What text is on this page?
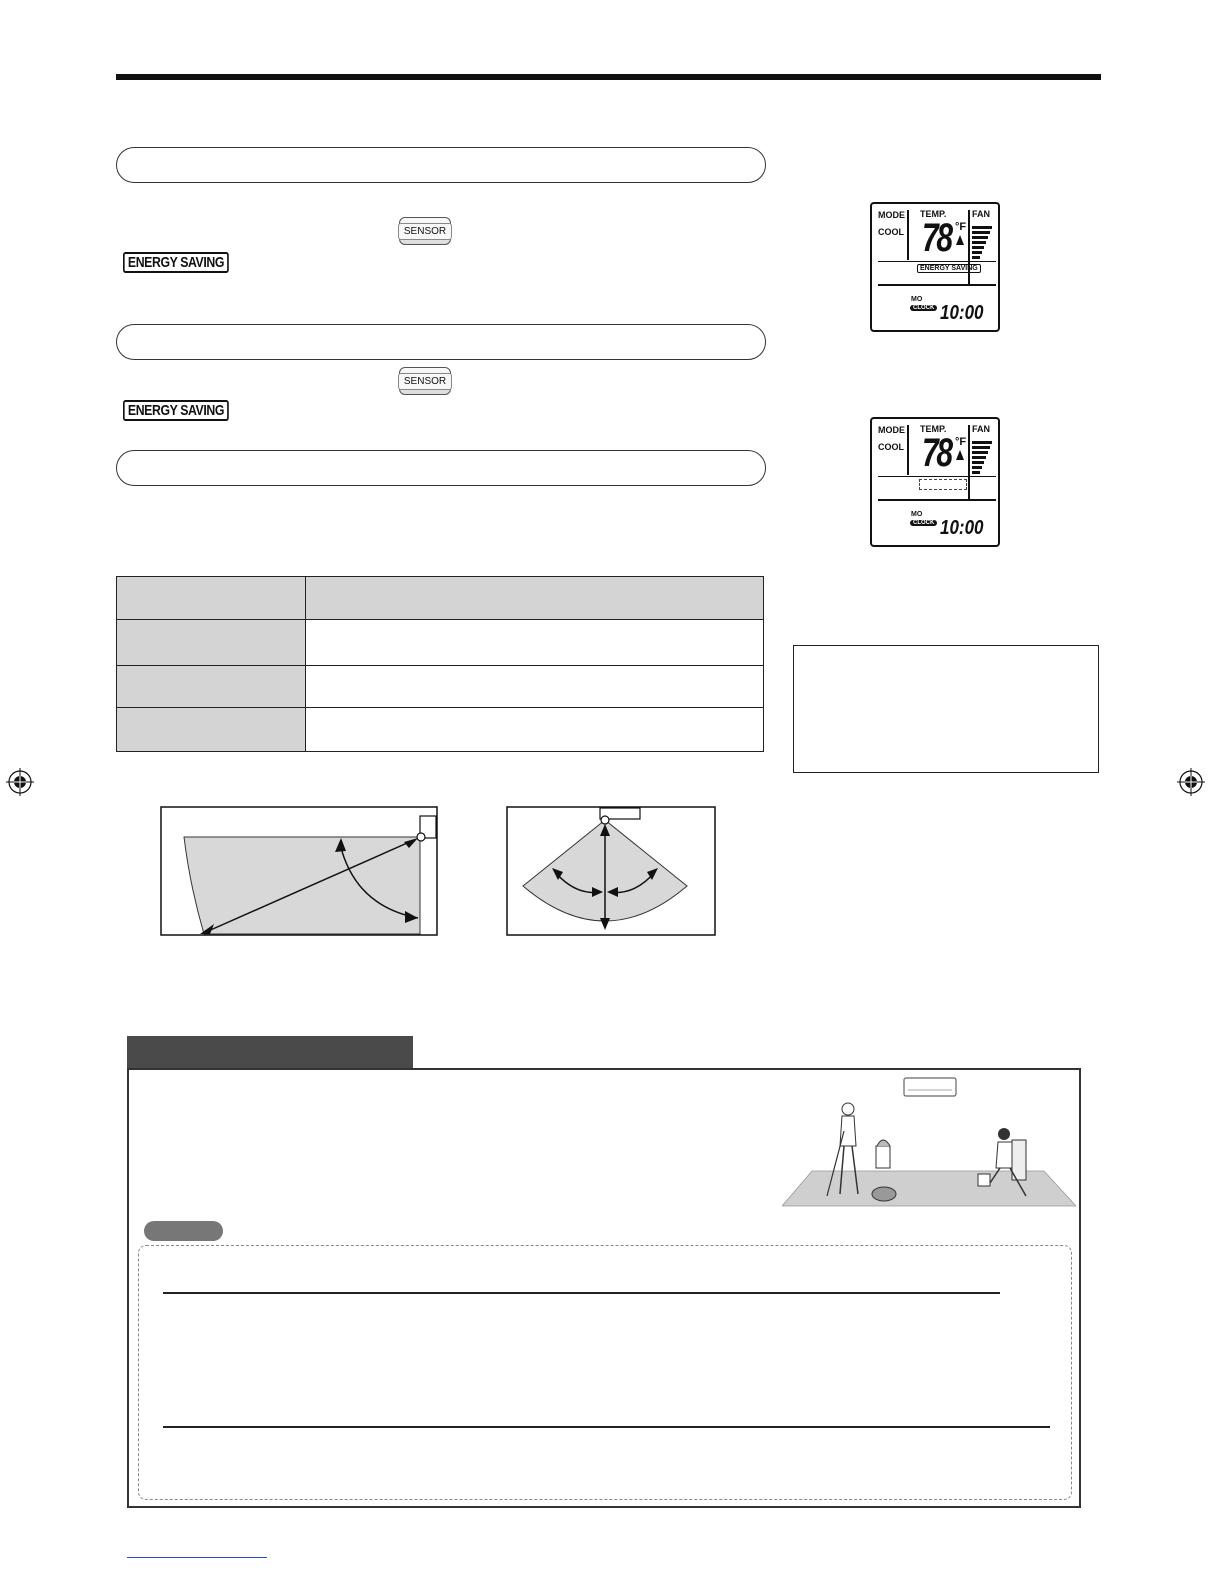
SENSOR
SENSOR
ENERGY SAVING
ENERGY SAVING
MODE
COOL
TEMP.
78 °F
FAN
ENERGY SAVING
MO
CLOCK 10:00
MODE
COOL
TEMP.
78 °F
FAN
MO
CLOCK 10:00
